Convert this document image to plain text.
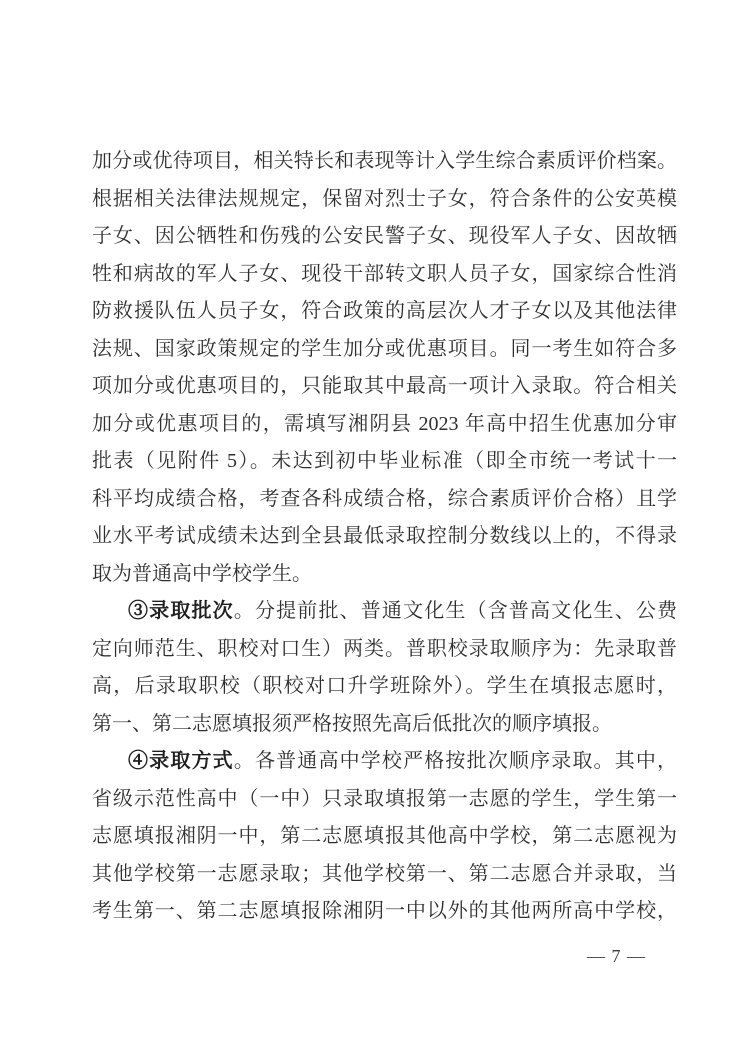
加分或优待项目，相关特长和表现等计入学生综合素质评价档案。
根据相关法律法规规定，保留对烈士子女，符合条件的公安英模
子女、因公牺牲和伤残的公安民警子女、现役军人子女、因故牺
牲和病故的军人子女、现役干部转文职人员子女，国家综合性消
防救援队伍人员子女，符合政策的高层次人才子女以及其他法律
法规、国家政策规定的学生加分或优惠项目。同一考生如符合多
项加分或优惠项目的，只能取其中最高一项计入录取。符合相关
加分或优惠项目的，需填写湘阴县 2023 年高中招生优惠加分审
批表（见附件 5）。未达到初中毕业标准（即全市统一考试十一
科平均成绩合格，考查各科成绩合格，综合素质评价合格）且学
业水平考试成绩未达到全县最低录取控制分数线以上的，不得录
取为普通高中学校学生。
③录取批次。分提前批、普通文化生（含普高文化生、公费
定向师范生、职校对口生）两类。普职校录取顺序为：先录取普
高，后录取职校（职校对口升学班除外）。学生在填报志愿时，
第一、第二志愿填报须严格按照先高后低批次的顺序填报。
④录取方式。各普通高中学校严格按批次顺序录取。其中，
省级示范性高中（一中）只录取填报第一志愿的学生，学生第一
志愿填报湘阴一中，第二志愿填报其他高中学校，第二志愿视为
其他学校第一志愿录取；其他学校第一、第二志愿合并录取，当
考生第一、第二志愿填报除湘阴一中以外的其他两所高中学校，
— 7 —
